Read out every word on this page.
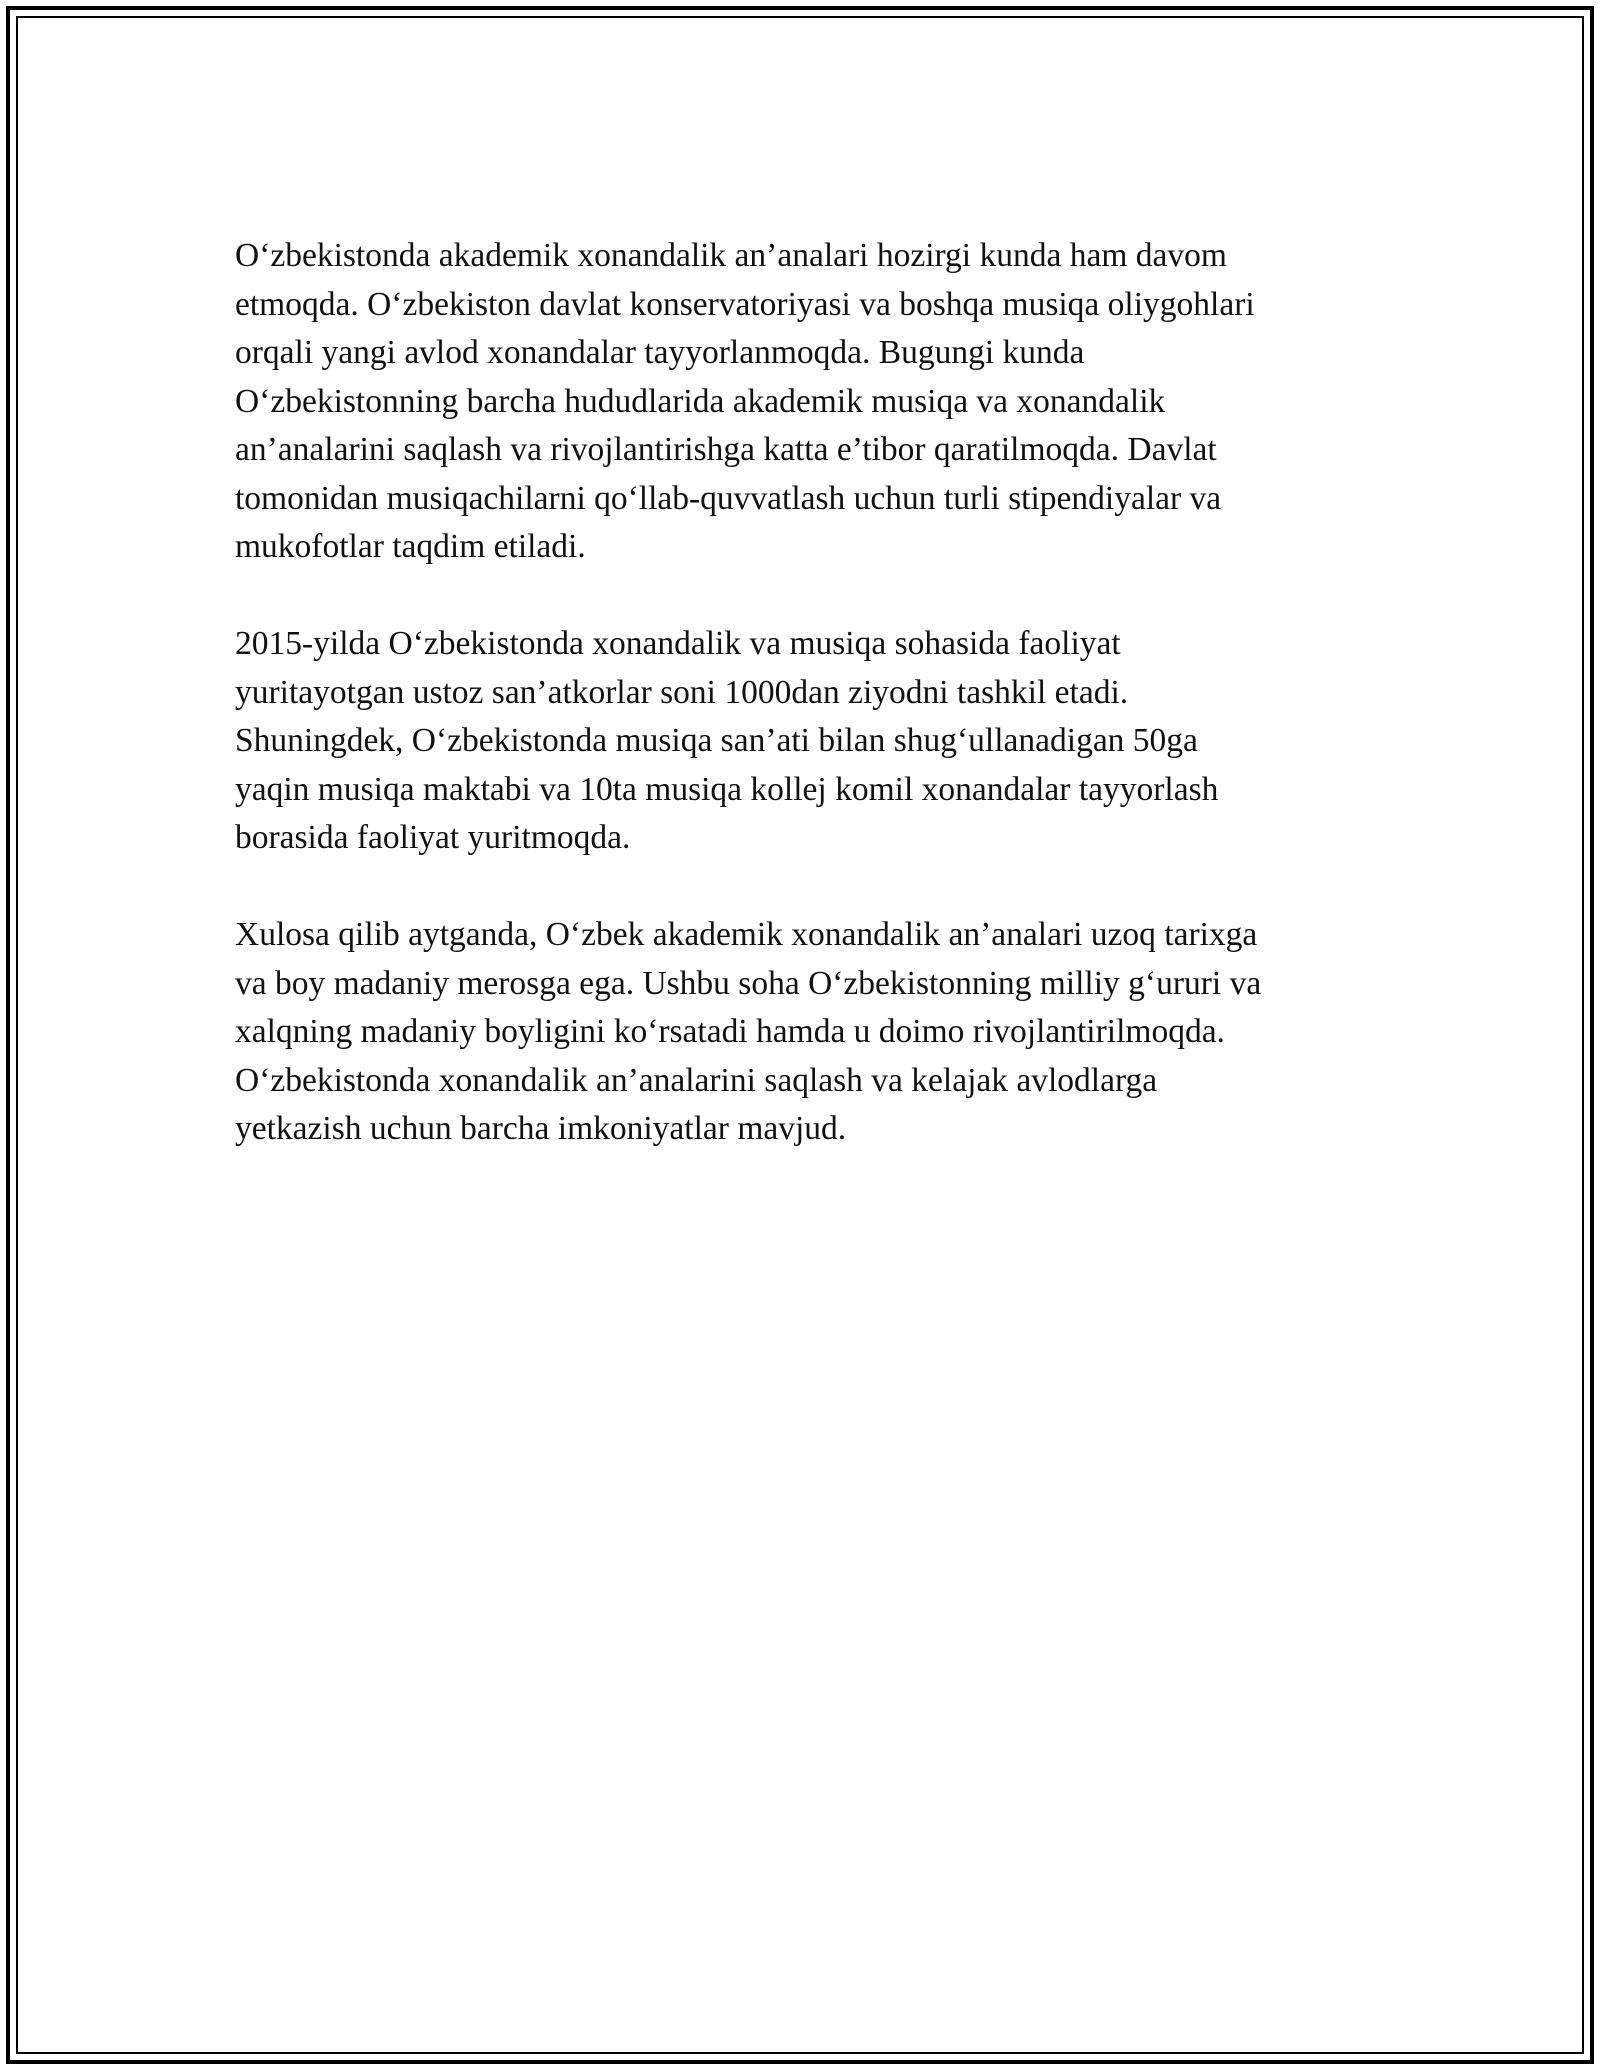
O‘zbekistonda akademik xonandalik an’analari hozirgi kunda ham davom
etmoqda. O‘zbekiston davlat konservatoriyasi va boshqa musiqa oliygohlari
orqali yangi avlod xonandalar tayyorlanmoqda. Bugungi kunda
O‘zbekistonning barcha hududlarida akademik musiqa va xonandalik
an’analarini saqlash va rivojlantirishga katta e’tibor qaratilmoqda. Davlat
tomonidan musiqachilarni qo‘llab-quvvatlash uchun turli stipendiyalar va
mukofotlar taqdim etiladi.

2015-yilda O‘zbekistonda xonandalik va musiqa sohasida faoliyat
yuritayotgan ustoz san’atkorlar soni 1000dan ziyodni tashkil etadi.
Shuningdek, O‘zbekistonda musiqa san’ati bilan shug‘ullanadigan 50ga
yaqin musiqa maktabi va 10ta musiqa kollej komil xonandalar tayyorlash
borasida faoliyat yuritmoqda.

Xulosa qilib aytganda, O‘zbek akademik xonandalik an’analari uzoq tarixga
va boy madaniy merosga ega. Ushbu soha O‘zbekistonning milliy g‘ururi va
xalqning madaniy boyligini ko‘rsatadi hamda u doimo rivojlantirilmoqda.
O‘zbekistonda xonandalik an’analarini saqlash va kelajak avlodlarga
yetkazish uchun barcha imkoniyatlar mavjud.
